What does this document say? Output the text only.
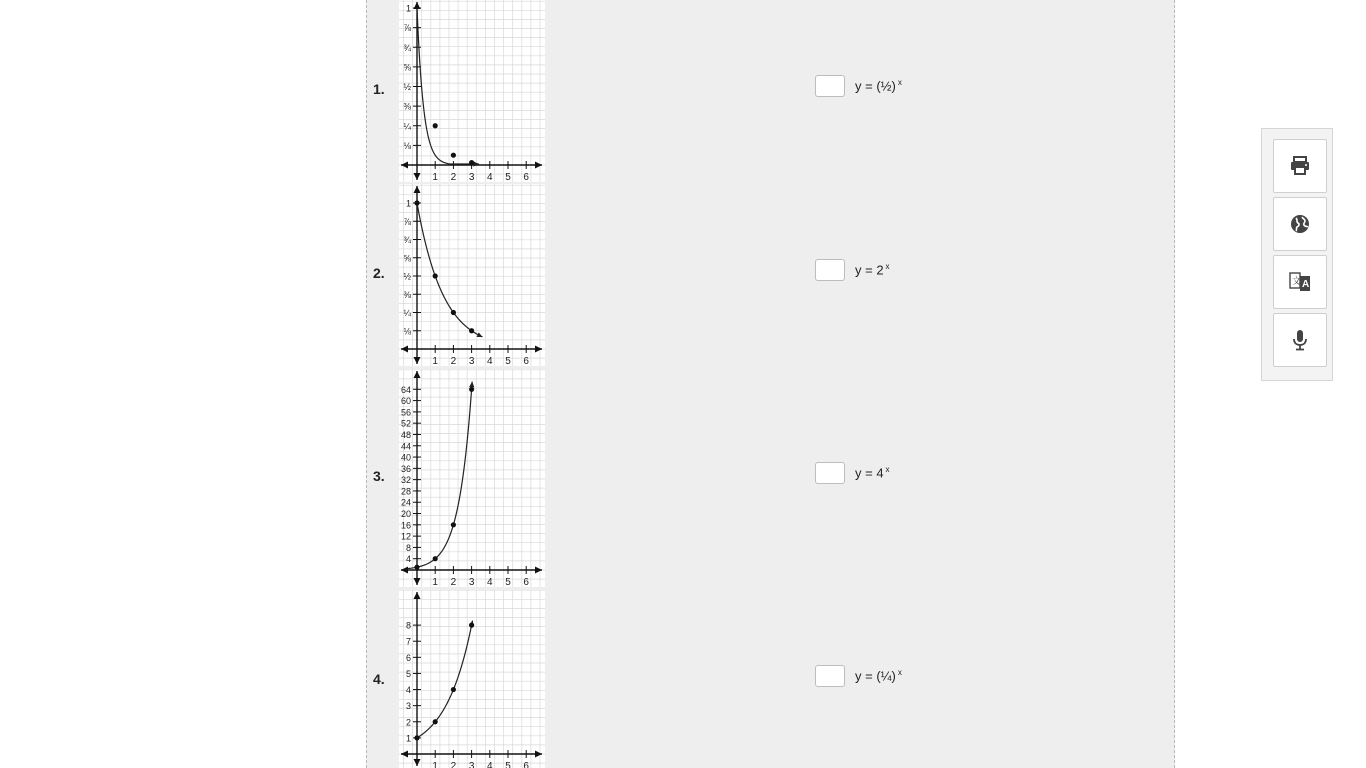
1.
1 2 3 4 5 6
1
⅞
¾
⅝
½
⅜
¼
⅛
y = (½) $^x$
2.
1 2 3 4 5 6
1
⅞
¾
⅝
½
⅜
¼
⅛
y = 2 $^x$
3.
1 2 3 4 5 6
4
8
12
16
20
24
28
32
36
40
44
48
52
56
60
64
y = 4 $^x$
4.
1 2 3 4 5 6
1
2
3
4
5
6
7
8
y = (¼) $^x$
文 A
